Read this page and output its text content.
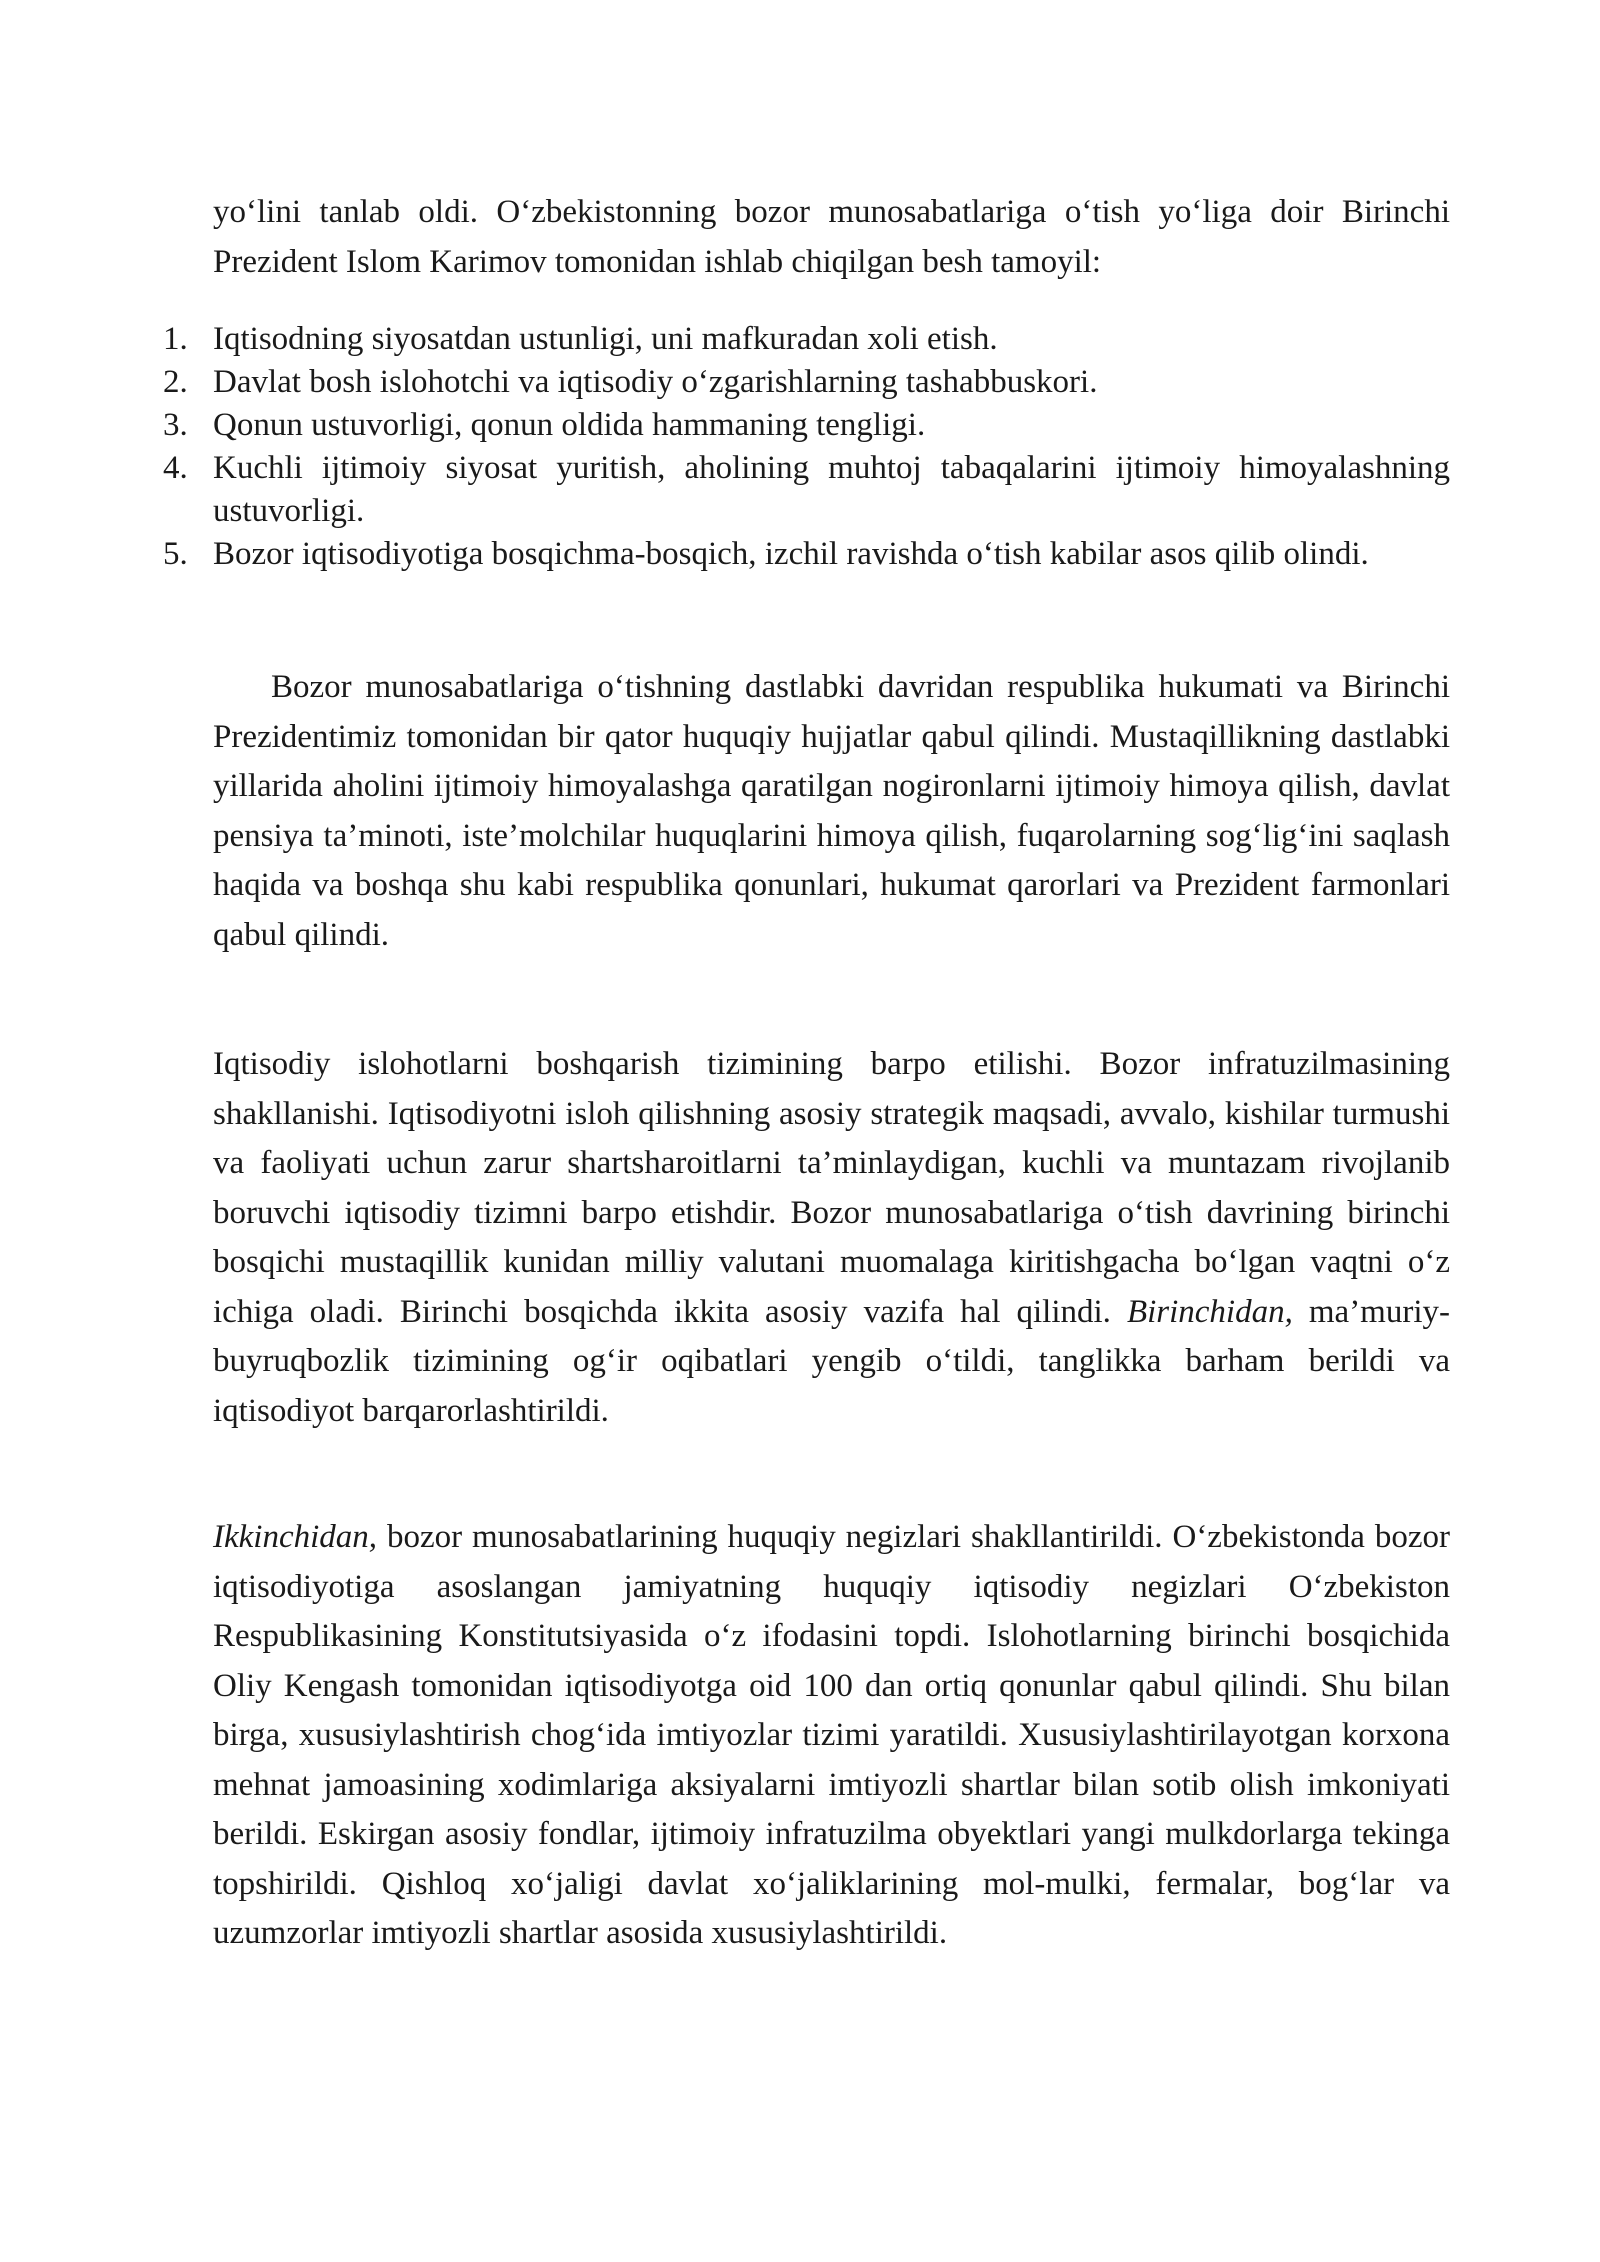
yo‘lini tanlab oldi. O‘zbekistonning bozor munosabatlariga o‘tish yo‘liga doir Birinchi Prezident Islom Karimov tomonidan ishlab chiqilgan besh tamoyil:

1. Iqtisodning siyosatdan ustunligi, uni mafkuradan xoli etish.
2. Davlat bosh islohotchi va iqtisodiy o‘zgarishlarning tashabbuskori.
3. Qonun ustuvorligi, qonun oldida hammaning tengligi.
4. Kuchli ijtimoiy siyosat yuritish, aholining muhtoj tabaqalarini ijtimoiy himoyalashning ustuvorligi.
5. Bozor iqtisodiyotiga bosqichma-bosqich, izchil ravishda o‘tish kabilar asos qilib olindi.

Bozor munosabatlariga o‘tishning dastlabki davridan respublika hukumati va Birinchi Prezidentimiz tomonidan bir qator huquqiy hujjatlar qabul qilindi. Mustaqillikning dastlabki yillarida aholini ijtimoiy himoyalashga qaratilgan nogironlarni ijtimoiy himoya qilish, davlat pensiya ta’minoti, iste’molchilar huquqlarini himoya qilish, fuqarolarning sog‘lig‘ini saqlash haqida va boshqa shu kabi respublika qonunlari, hukumat qarorlari va Prezident farmonlari qabul qilindi.

Iqtisodiy islohotlarni boshqarish tizimining barpo etilishi. Bozor infratuzilmasining shakllanishi. Iqtisodiyotni isloh qilishning asosiy strategik maqsadi, avvalo, kishilar turmushi va faoliyati uchun zarur shartsharoitlarni ta’minlaydigan, kuchli va muntazam rivojlanib boruvchi iqtisodiy tizimni barpo etishdir. Bozor munosabatlariga o‘tish davrining birinchi bosqichi mustaqillik kunidan milliy valutani muomalaga kiritishgacha bo‘lgan vaqtni o‘z ichiga oladi. Birinchi bosqichda ikkita asosiy vazifa hal qilindi. Birinchidan, ma’muriy-buyruqbozlik tizimining og‘ir oqibatlari yengib o‘tildi, tanglikka barham berildi va iqtisodiyot barqarorlashtirildi.

Ikkinchidan, bozor munosabatlarining huquqiy negizlari shakllantirildi. O‘zbekistonda bozor iqtisodiyotiga asoslangan jamiyatning huquqiy iqtisodiy negizlari O‘zbekiston Respublikasining Konstitutsiyasida o‘z ifodasini topdi. Islohotlarning birinchi bosqichida Oliy Kengash tomonidan iqtisodiyotga oid 100 dan ortiq qonunlar qabul qilindi. Shu bilan birga, xususiylashtirish chog‘ida imtiyozlar tizimi yaratildi. Xususiylashtirilayotgan korxona mehnat jamoasining xodimlariga aksiyalarni imtiyozli shartlar bilan sotib olish imkoniyati berildi. Eskirgan asosiy fondlar, ijtimoiy infratuzilma obyektlari yangi mulkdorlarga tekinga topshirildi. Qishloq xo‘jaligi davlat xo‘jaliklarining mol-mulki, fermalar, bog‘lar va uzumzorlar imtiyozli shartlar asosida xususiylashtirildi.
